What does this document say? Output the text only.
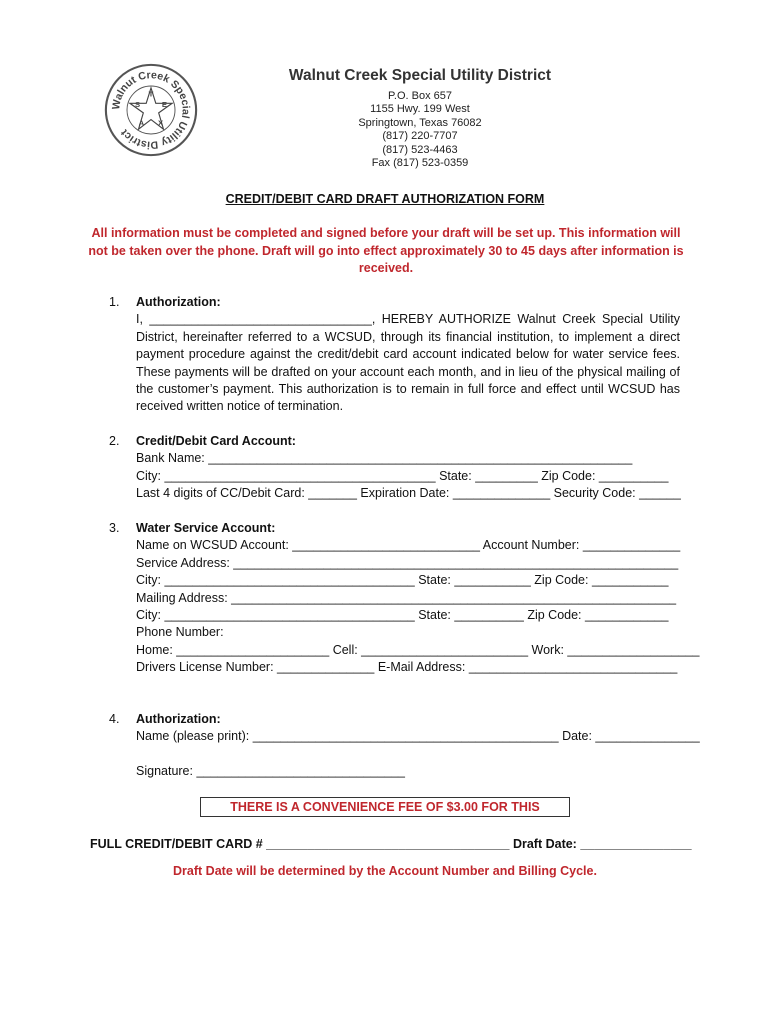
Walnut Creek Special Utility District
T
E
X
A
S
Walnut Creek Special Utility District
P.O. Box 657
1155 Hwy. 199 West
Springtown, Texas 76082
(817) 220-7707
(817) 523-4463
Fax (817) 523-0359
CREDIT/DEBIT CARD DRAFT AUTHORIZATION FORM
All information must be completed and signed before your draft will be set up. This information will not be taken over the phone. Draft will go into effect approximately 30 to 45 days after information is received.
1. Authorization:
I, ________________________________, HEREBY AUTHORIZE Walnut Creek Special Utility District, hereinafter referred to a WCSUD, through its financial institution, to implement a direct payment procedure against the credit/debit card account indicated below for water service fees. These payments will be drafted on your account each month, and in lieu of the physical mailing of the customer’s payment. This authorization is to remain in full force and effect until WCSUD has received written notice of termination.
2. Credit/Debit Card Account:
Bank Name: _____________________________________________________________
City: _______________________________________ State: _________ Zip Code: __________
Last 4 digits of CC/Debit Card: _______ Expiration Date: ______________ Security Code: ______
3. Water Service Account:
Name on WCSUD Account: ___________________________ Account Number: ______________
Service Address: ________________________________________________________________
City: ____________________________________ State: ___________ Zip Code: ___________
Mailing Address: ________________________________________________________________
City: ____________________________________ State: __________ Zip Code: ____________
Phone Number:
Home: ______________________ Cell: ________________________ Work: ___________________
Drivers License Number: ______________ E-Mail Address: ______________________________
4. Authorization:
Name (please print): ____________________________________________ Date: _______________
Signature: ______________________________
THERE IS A CONVENIENCE FEE OF $3.00 FOR THIS
FULL CREDIT/DEBIT CARD # ___________________________________ Draft Date: ________________
Draft Date will be determined by the Account Number and Billing Cycle.
